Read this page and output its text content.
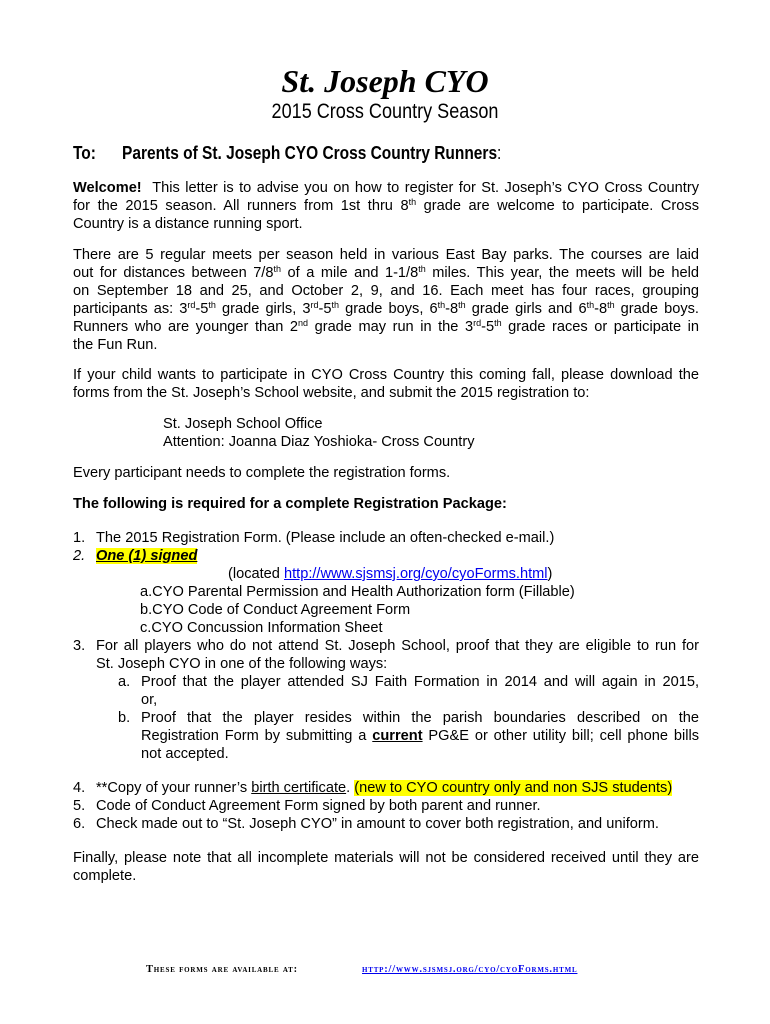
St. Joseph CYO
2015 Cross Country Season
To: Parents of St. Joseph CYO Cross Country Runners:
Welcome! This letter is to advise you on how to register for St. Joseph’s CYO Cross Country
for the 2015 season. All runners from 1st thru 8th grade are welcome to participate. Cross
Country is a distance running sport.
There are 5 regular meets per season held in various East Bay parks. The courses are laid
out for distances between 7/8th of a mile and 1-1/8th miles. This year, the meets will be held
on September 18 and 25, and October 2, 9, and 16. Each meet has four races, grouping
participants as: 3rd-5th grade girls, 3rd-5th grade boys, 6th-8th grade girls and 6th-8th grade boys.
Runners who are younger than 2nd grade may run in the 3rd-5th grade races or participate in
the Fun Run.
If your child wants to participate in CYO Cross Country this coming fall, please download the
forms from the St. Joseph’s School website, and submit the 2015 registration to:
St. Joseph School Office
Attention: Joanna Diaz Yoshioka- Cross Country
Every participant needs to complete the registration forms.
The following is required for a complete Registration Package:
1. The 2015 Registration Form. (Please include an often-checked e-mail.)
2. One (1) signed
(located http://www.sjsmsj.org/cyo/cyoForms.html)
a.CYO Parental Permission and Health Authorization form (Fillable)
b.CYO Code of Conduct Agreement Form
c.CYO Concussion Information Sheet
3. For all players who do not attend St. Joseph School, proof that they are eligible to run for
St. Joseph CYO in one of the following ways:
a. Proof that the player attended SJ Faith Formation in 2014 and will again in 2015,
or,
b. Proof that the player resides within the parish boundaries described on the
Registration Form by submitting a current PG&E or other utility bill; cell phone bills
not accepted.
4. **Copy of your runner’s birth certificate. (new to CYO country only and non SJS students)
5. Code of Conduct Agreement Form signed by both parent and runner.
6. Check made out to “St. Joseph CYO” in amount to cover both registration, and uniform.
Finally, please note that all incomplete materials will not be considered received until they are
complete.
These forms are available at:	http://www.sjsmsj.org/cyo/cyoForms.html
